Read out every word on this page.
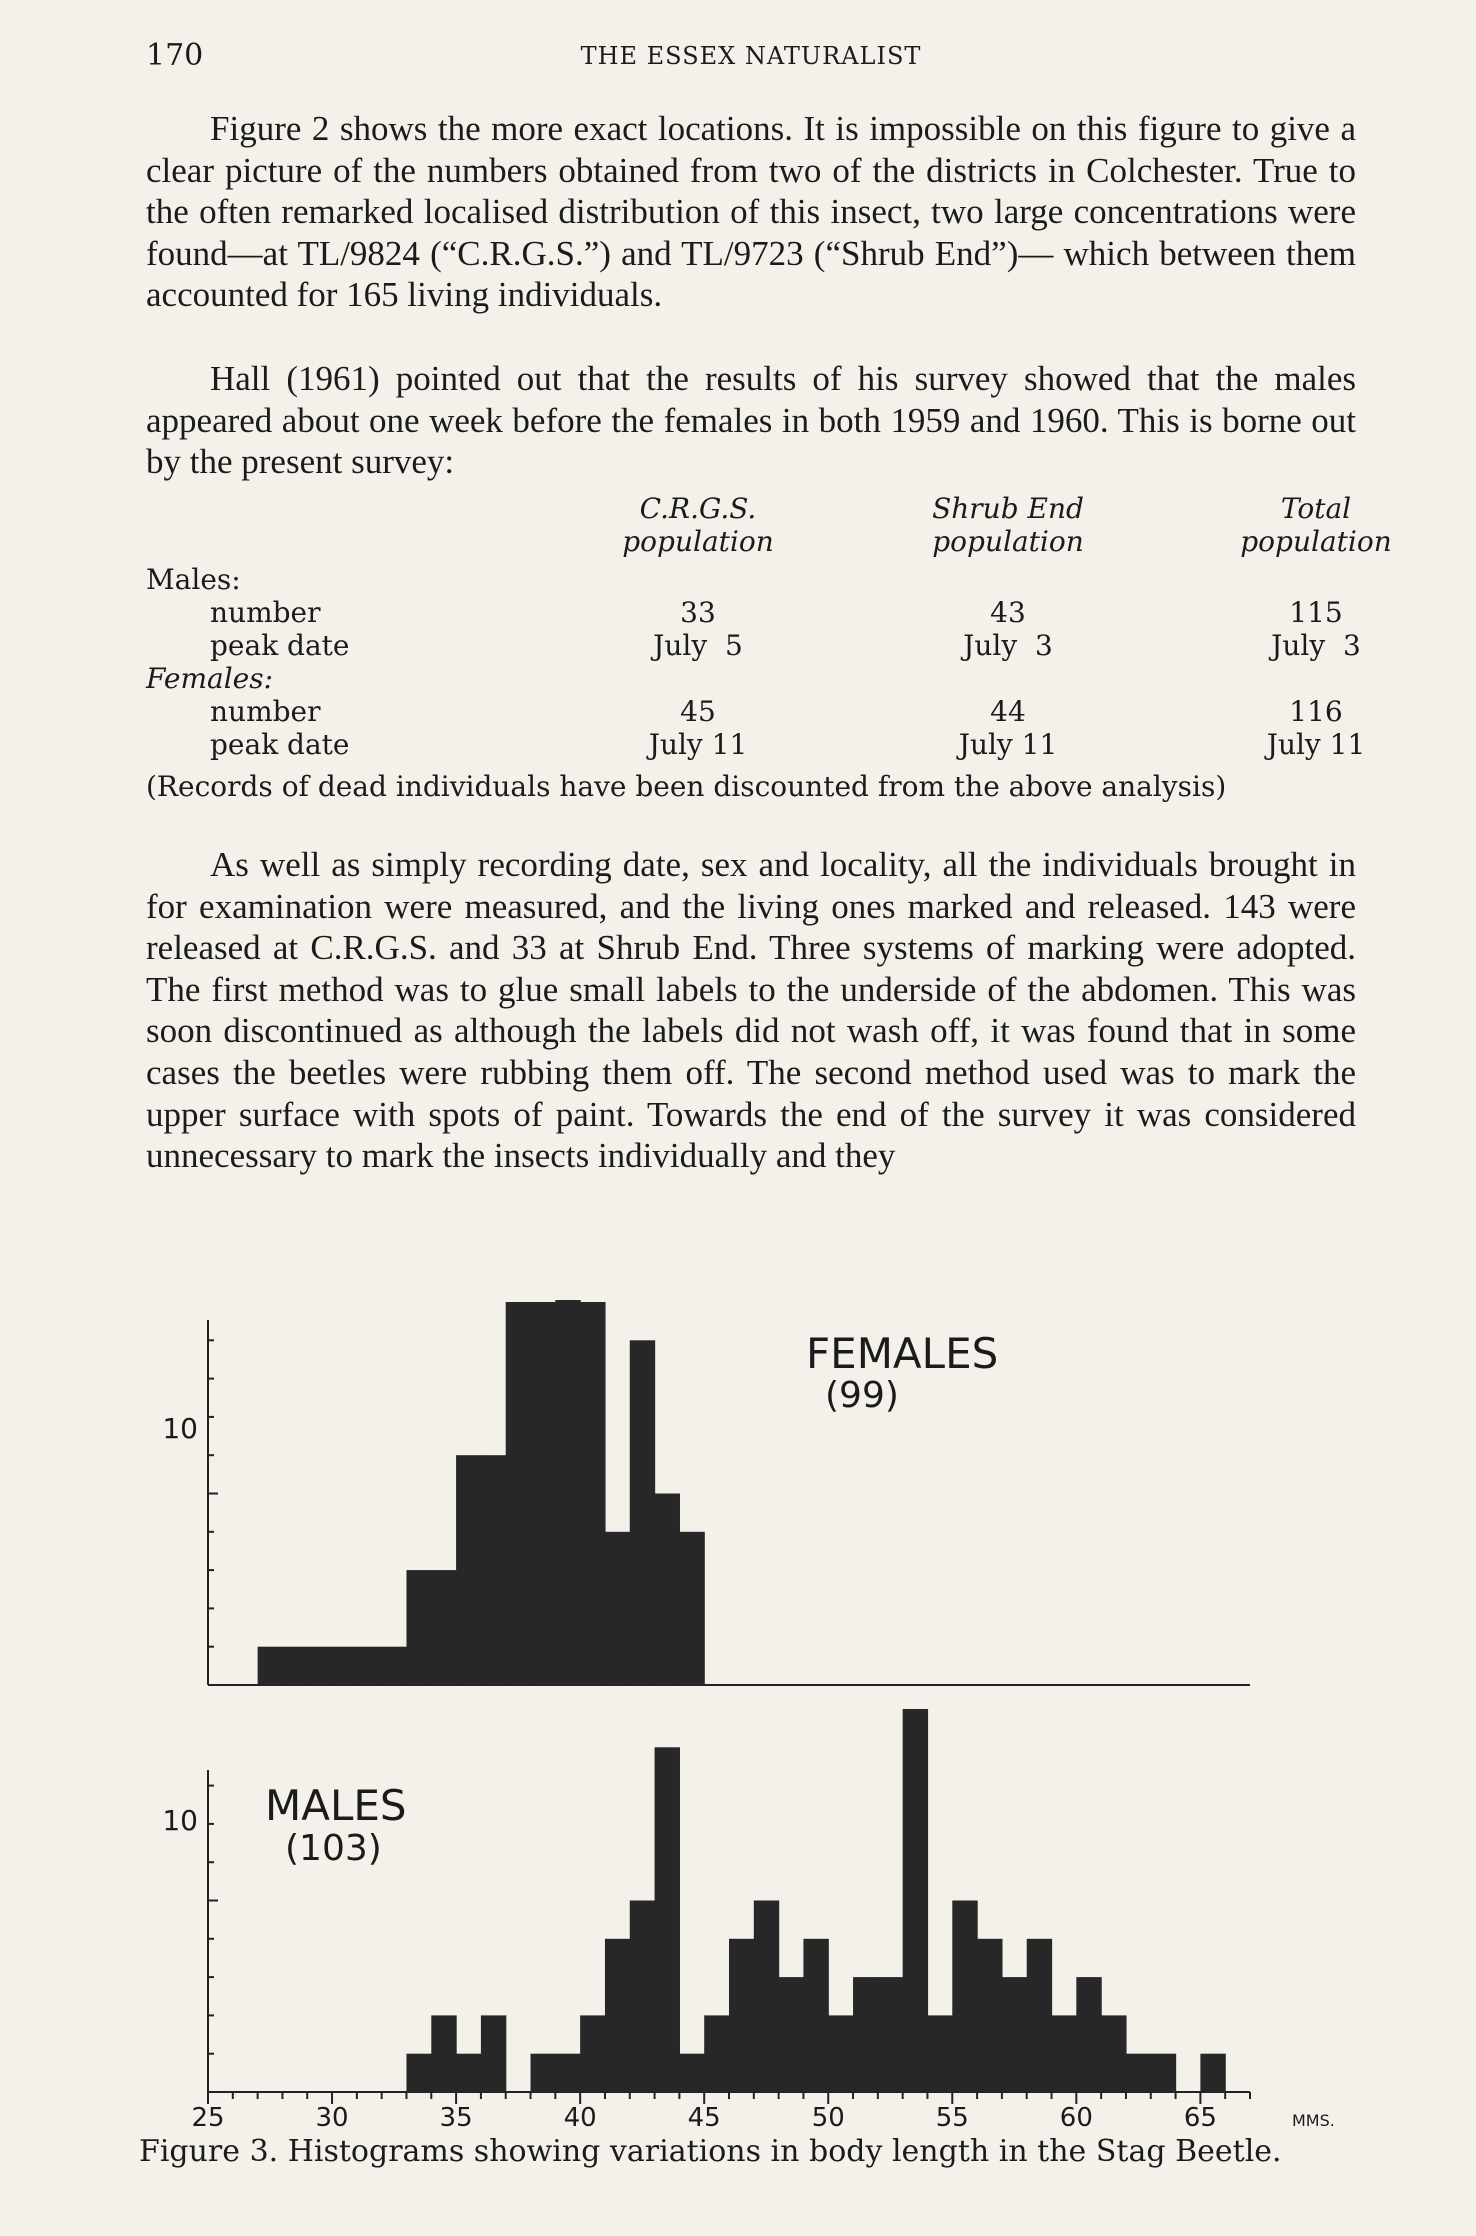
170	THE ESSEX NATURALIST

Figure 2 shows the more exact locations. It is impossible on this figure to give a clear picture of the numbers obtained from two of the districts in Colchester. True to the often remarked localised distribution of this insect, two large concentrations were found—at TL/9824 (“C.R.G.S.”) and TL/9723 (“Shrub End”)— which between them accounted for 165 living individuals.

Hall (1961) pointed out that the results of his survey showed that the males appeared about one week before the females in both 1959 and 1960. This is borne out by the present survey:

C.R.G.S.	Shrub End	Total
population	population	population
Males:
number	33	43	115
peak date	July  5	July  3	July  3
Females:
number	45	44	116
peak date	July 11	July 11	July 11
(Records of dead individuals have been discounted from the above analysis)

As well as simply recording date, sex and locality, all the individuals brought in for examination were measured, and the living ones marked and released. 143 were released at C.R.G.S. and 33 at Shrub End. Three systems of marking were adopted. The first method was to glue small labels to the underside of the abdomen. This was soon discontinued as although the labels did not wash off, it was found that in some cases the beetles were rubbing them off. The second method used was to mark the upper surface with spots of paint. Towards the end of the survey it was considered unnecessary to mark the insects individually and they

10
FEMALES
(99)
10 MALES
(103)
25	30	35	40	45	50	55	60	65	MMS.
Figure 3. Histograms showing variations in body length in the Stag Beetle.
